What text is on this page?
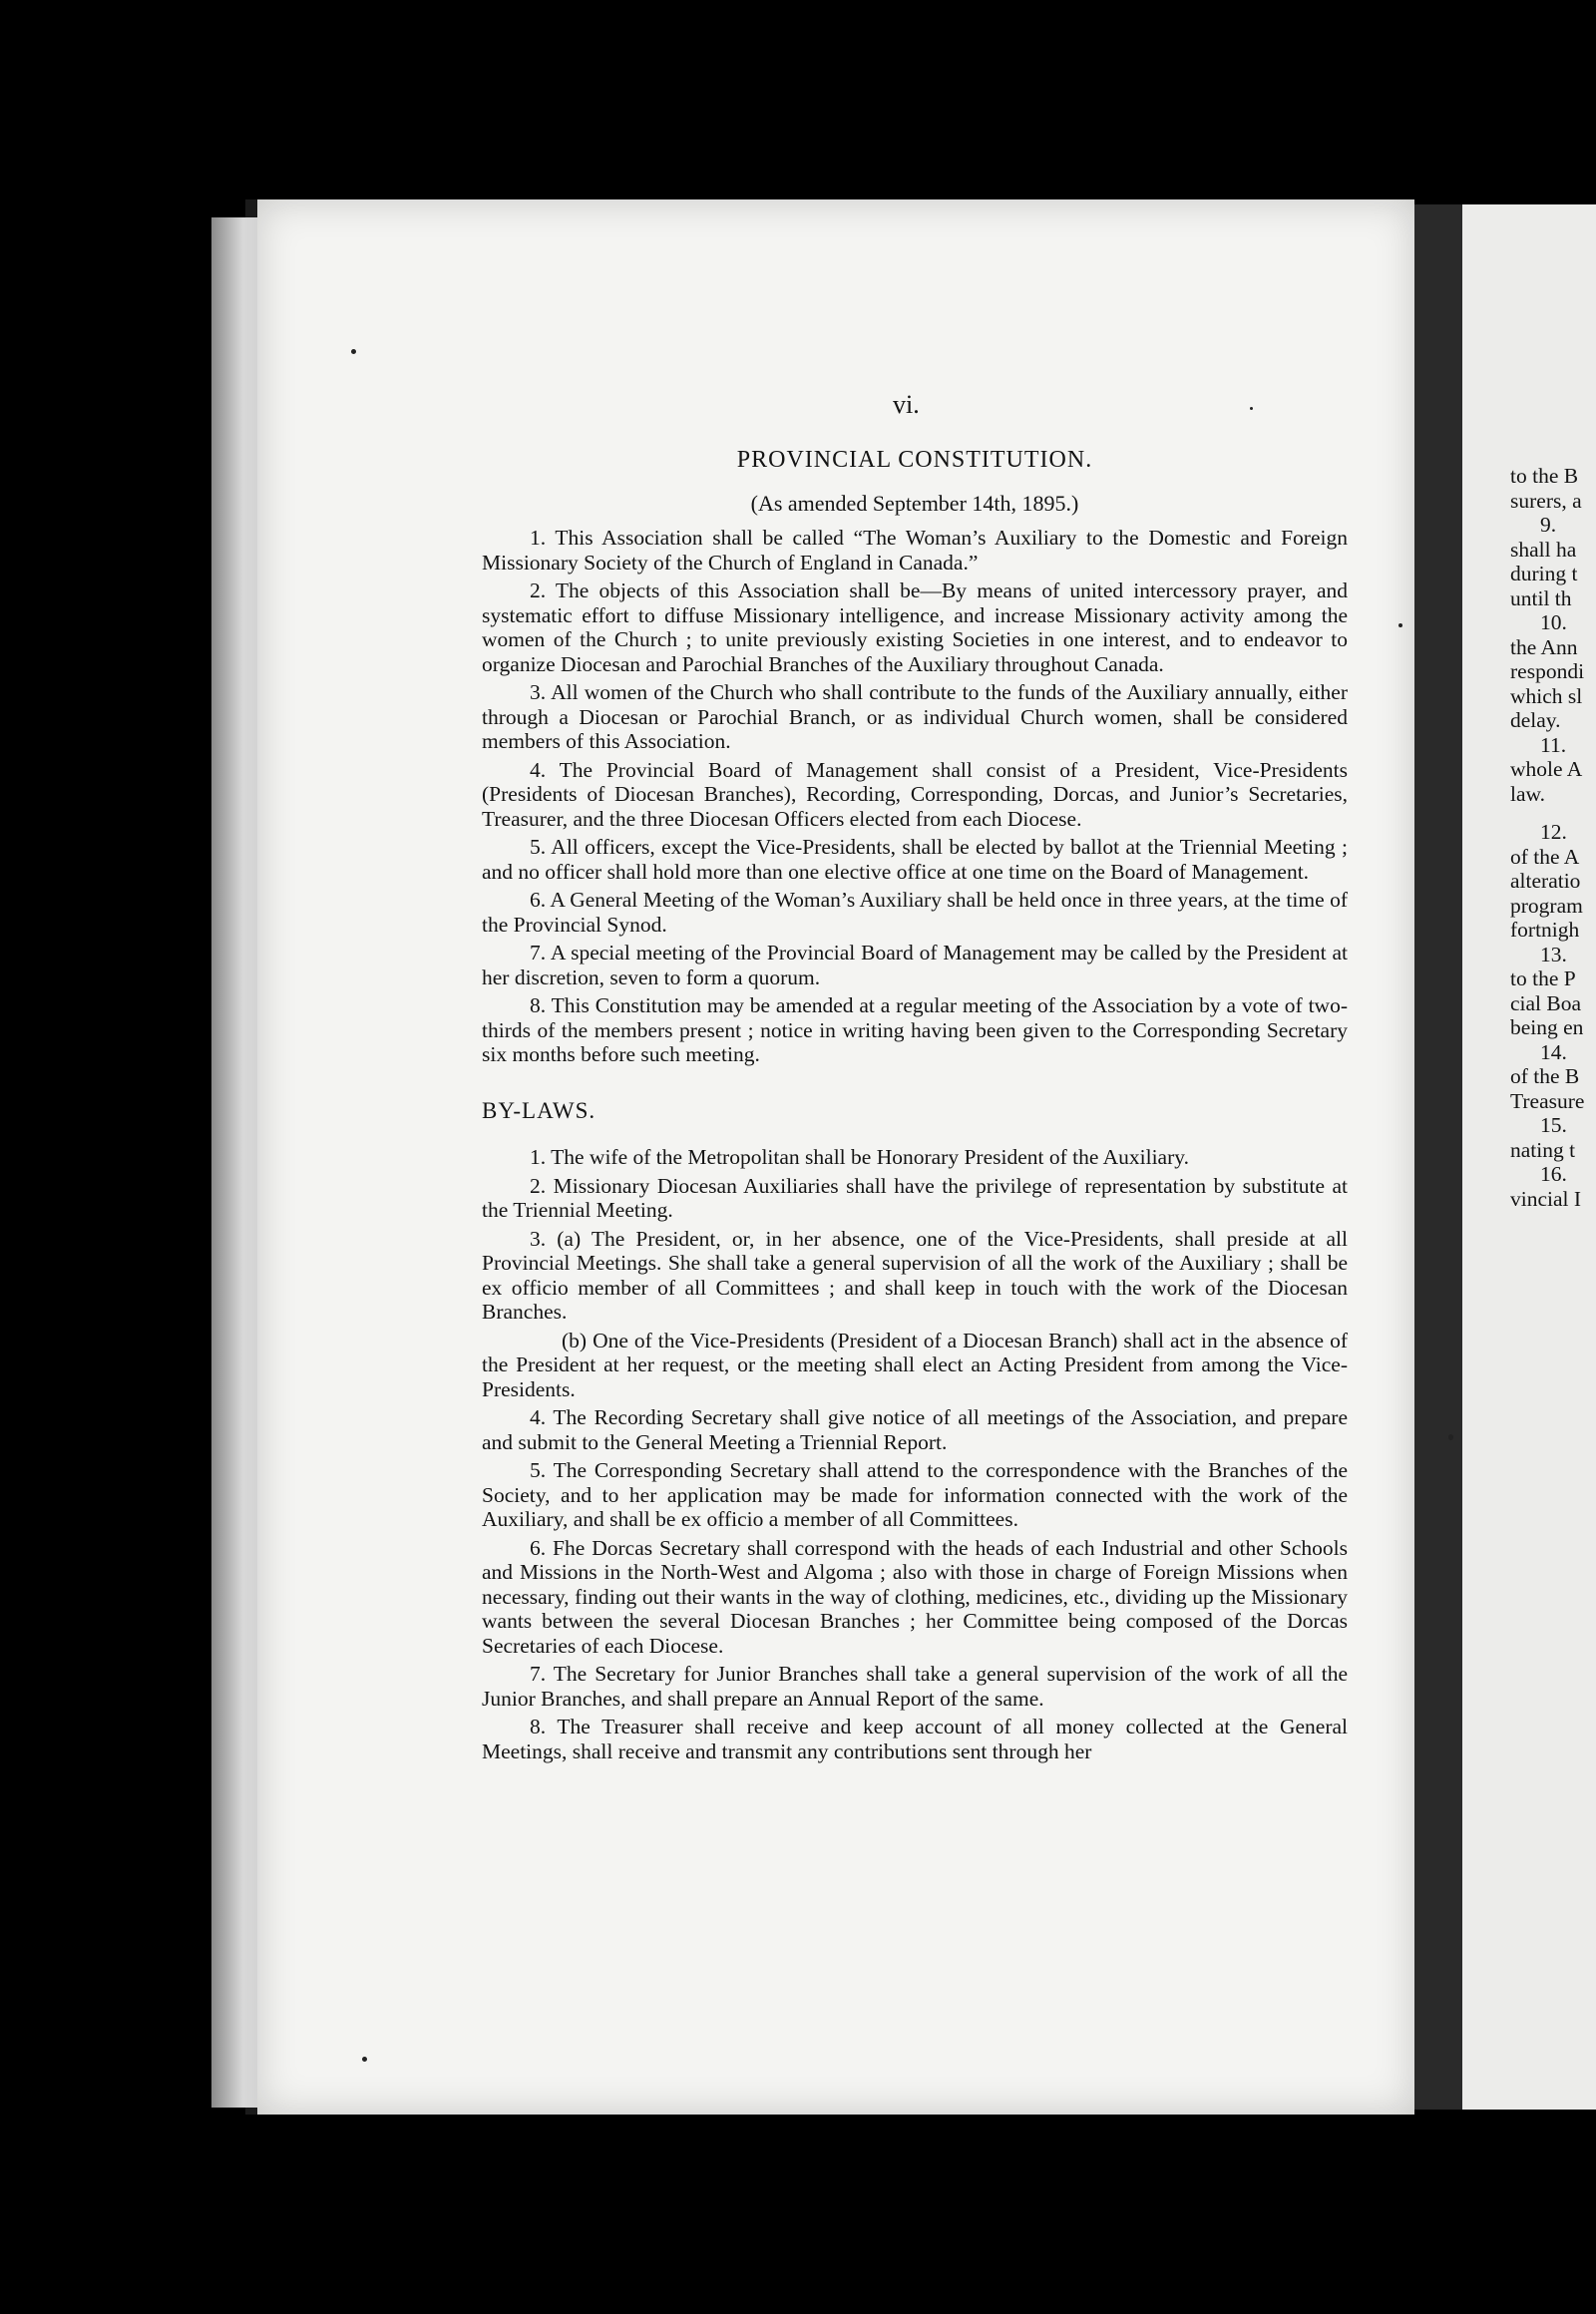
vi.
PROVINCIAL CONSTITUTION.
(As amended September 14th, 1895.)

1. This Association shall be called “The Woman’s Auxiliary to the Domestic and Foreign Missionary Society of the Church of England in Canada.”

2. The objects of this Association shall be—By means of united intercessory prayer, and systematic effort to diffuse Missionary intelligence, and increase Missionary activity among the women of the Church ; to unite previously existing Societies in one interest, and to endeavor to organize Diocesan and Parochial Branches of the Auxiliary throughout Canada.

3. All women of the Church who shall contribute to the funds of the Auxiliary annually, either through a Diocesan or Parochial Branch, or as individual Church women, shall be considered members of this Association.

4. The Provincial Board of Management shall consist of a President, Vice-Presidents (Presidents of Diocesan Branches), Recording, Corresponding, Dorcas, and Junior’s Secretaries, Treasurer, and the three Diocesan Officers elected from each Diocese.

5. All officers, except the Vice-Presidents, shall be elected by ballot at the Triennial Meeting ; and no officer shall hold more than one elective office at one time on the Board of Management.

6. A General Meeting of the Woman’s Auxiliary shall be held once in three years, at the time of the Provincial Synod.

7. A special meeting of the Provincial Board of Management may be called by the President at her discretion, seven to form a quorum.

8. This Constitution may be amended at a regular meeting of the Association by a vote of two-thirds of the members present ; notice in writing having been given to the Corresponding Secretary six months before such meeting.

BY-LAWS.

1. The wife of the Metropolitan shall be Honorary President of the Auxiliary.

2. Missionary Diocesan Auxiliaries shall have the privilege of representation by substitute at the Triennial Meeting.

3. (a) The President, or, in her absence, one of the Vice-Presidents, shall preside at all Provincial Meetings. She shall take a general supervision of all the work of the Auxiliary ; shall be ex officio member of all Committees ; and shall keep in touch with the work of the Diocesan Branches.

(b) One of the Vice-Presidents (President of a Diocesan Branch) shall act in the absence of the President at her request, or the meeting shall elect an Acting President from among the Vice-Presidents.

4. The Recording Secretary shall give notice of all meetings of the Association, and prepare and submit to the General Meeting a Triennial Report.

5. The Corresponding Secretary shall attend to the correspondence with the Branches of the Society, and to her application may be made for information connected with the work of the Auxiliary, and shall be ex officio a member of all Committees.

6. Fhe Dorcas Secretary shall correspond with the heads of each Industrial and other Schools and Missions in the North-West and Algoma ; also with those in charge of Foreign Missions when necessary, finding out their wants in the way of clothing, medicines, etc., dividing up the Missionary wants between the several Diocesan Branches ; her Committee being composed of the Dorcas Secretaries of each Diocese.

7. The Secretary for Junior Branches shall take a general supervision of the work of all the Junior Branches, and shall prepare an Annual Report of the same.

8. The Treasurer shall receive and keep account of all money collected at the General Meetings, shall receive and transmit any contributions sent through her

to the B
surers, a
9.
shall ha
during t
until th
10.
the Ann
respondi
which sl
delay.
11.
whole A
law.
12.
of the A
alteratio
program
fortnigh
13.
to the P
cial Boa
being en
14.
of the B
Treasure
15.
nating t
16.
vincial I
